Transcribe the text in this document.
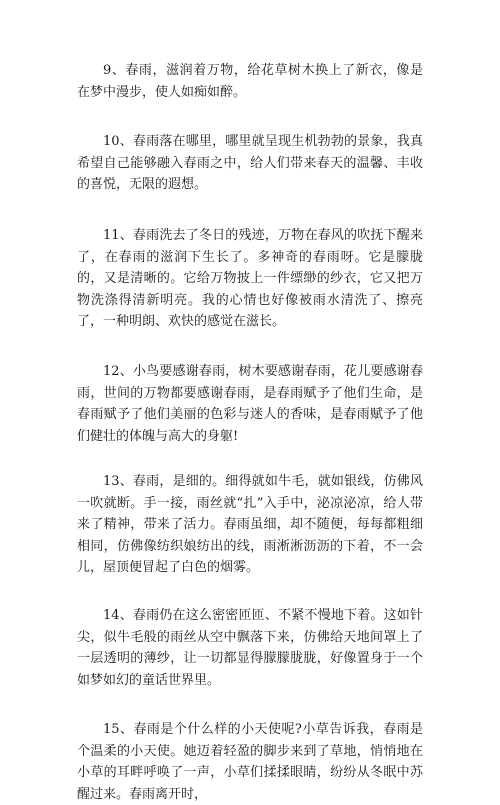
9、春雨，滋润着万物，给花草树木换上了新衣，像是在梦中漫步，使人如痴如醉。

10、春雨落在哪里，哪里就呈现生机勃勃的景象，我真希望自己能够融入春雨之中，给人们带来春天的温馨、丰收的喜悦，无限的遐想。

11、春雨洗去了冬日的残迹，万物在春风的吹抚下醒来了，在春雨的滋润下生长了。多神奇的春雨呀。它是朦胧的，又是清晰的。它给万物披上一件缥缈的纱衣，它又把万物洗涤得清新明亮。我的心情也好像被雨水清洗了、擦亮了，一种明朗、欢快的感觉在滋长。

12、小鸟要感谢春雨，树木要感谢春雨，花儿要感谢春雨，世间的万物都要感谢春雨，是春雨赋予了他们生命，是春雨赋予了他们美丽的色彩与迷人的香味，是春雨赋予了他们健壮的体魄与高大的身躯!

13、春雨，是细的。细得就如牛毛，就如银线，仿佛风一吹就断。手一接，雨丝就“扎”入手中，泌凉泌凉，给人带来了精神，带来了活力。春雨虽细，却不随便，每每都粗细相同，仿佛像纺织娘纺出的线，雨淅淅沥沥的下着，不一会儿，屋顶便冒起了白色的烟雾。

14、春雨仍在这么密密匝匝、不紧不慢地下着。这如针尖，似牛毛般的雨丝从空中飘落下来，仿佛给天地间罩上了一层透明的薄纱，让一切都显得朦朦胧胧，好像置身于一个如梦如幻的童话世界里。

15、春雨是个什么样的小天使呢?小草告诉我，春雨是个温柔的小天使。她迈着轻盈的脚步来到了草地，悄悄地在小草的耳畔呼唤了一声，小草们揉揉眼睛，纷纷从冬眠中苏醒过来。春雨离开时，
